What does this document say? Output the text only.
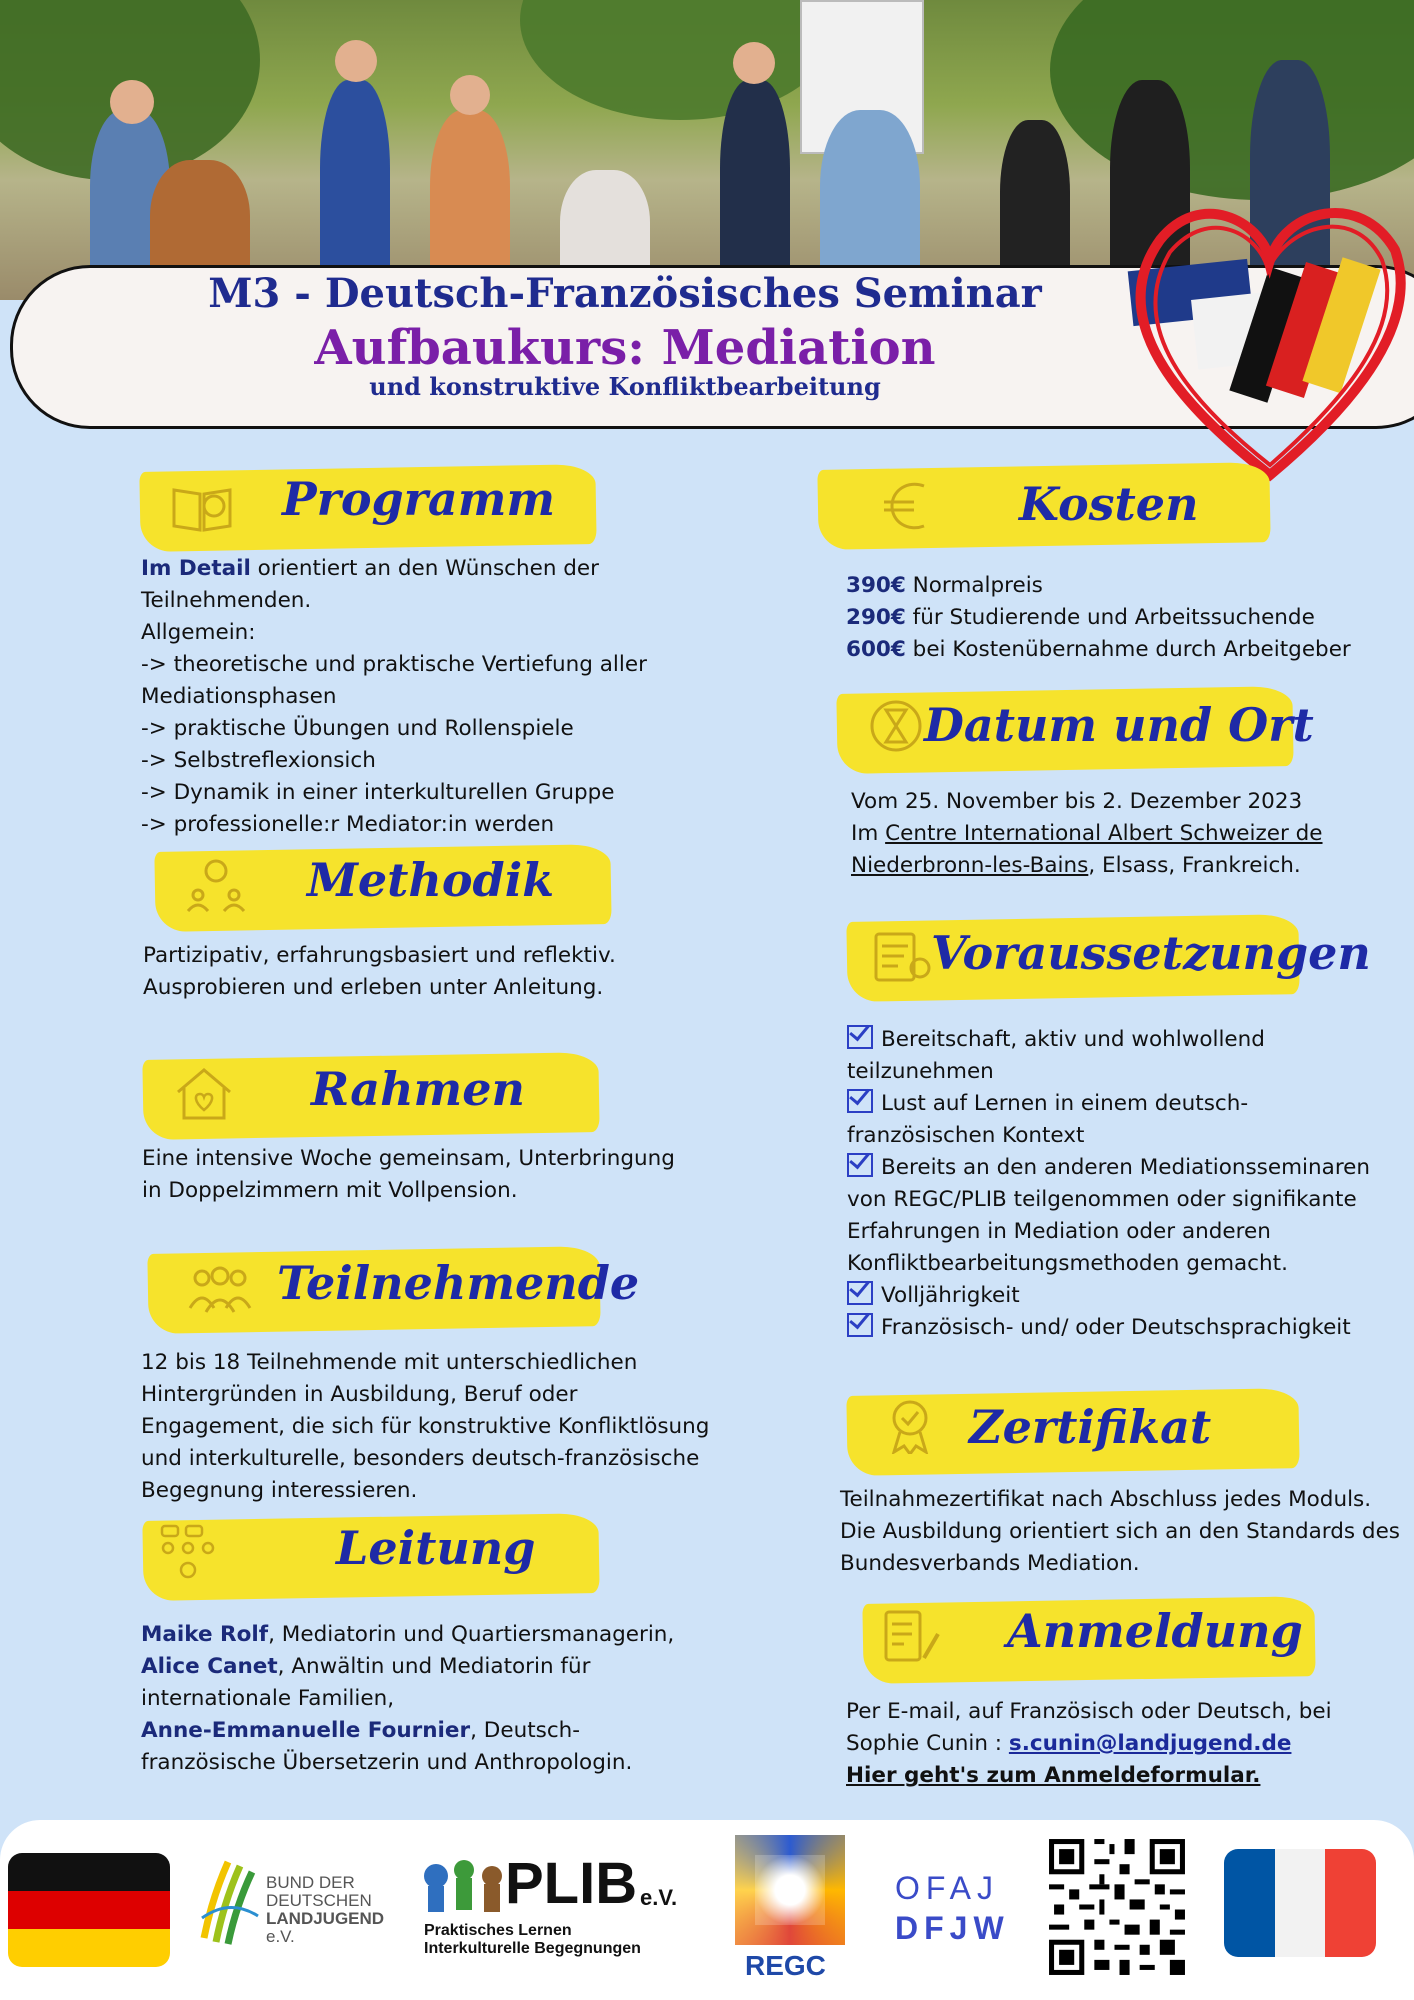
M3 - Deutsch-Französisches Seminar
Aufbaukurs: Mediation
und konstruktive Konfliktbearbeitung
Programm
Im Detail orientiert an den Wünschen der Teilnehmenden.
Allgemein:
-> theoretische und praktische Vertiefung aller Mediationsphasen
-> praktische Übungen und Rollenspiele
-> Selbstreflexionsich
-> Dynamik in einer interkulturellen Gruppe
-> professionelle:r Mediator:in werden
Methodik
Partizipativ, erfahrungsbasiert und reflektiv. Ausprobieren und erleben unter Anleitung.
Rahmen
Eine intensive Woche gemeinsam, Unterbringung in Doppelzimmern mit Vollpension.
Teilnehmende
12 bis 18 Teilnehmende mit unterschiedlichen Hintergründen in Ausbildung, Beruf oder Engagement, die sich für konstruktive Konfliktlösung und interkulturelle, besonders deutsch-französische Begegnung interessieren.
Leitung
Maike Rolf, Mediatorin und Quartiersmanagerin,
Alice Canet, Anwältin und Mediatorin für internationale Familien,
Anne-Emmanuelle Fournier, Deutsch-französische Übersetzerin und Anthropologin.
Kosten
390€ Normalpreis
290€ für Studierende und Arbeitssuchende
600€ bei Kostenübernahme durch Arbeitgeber
Datum und Ort
Vom 25. November bis 2. Dezember 2023
Im Centre International Albert Schweizer de Niederbronn-les-Bains, Elsass, Frankreich.
Voraussetzungen
Bereitschaft, aktiv und wohlwollend teilzunehmen
Lust auf Lernen in einem deutsch-französischen Kontext
Bereits an den anderen Mediationsseminaren von REGC/PLIB teilgenommen oder signifikante Erfahrungen in Mediation oder anderen Konfliktbearbeitungsmethoden gemacht.
Volljährigkeit
Französisch- und/ oder Deutschsprachigkeit
Zertifikat
Teilnahmezertifikat nach Abschluss jedes Moduls. Die Ausbildung orientiert sich an den Standards des Bundesverbands Mediation.
Anmeldung
Per E-mail, auf Französisch oder Deutsch, bei Sophie Cunin : s.cunin@landjugend.de
Hier geht's zum Anmeldeformular.
BUND DER
DEUTSCHEN
LANDJUGEND
e.V.
PLIB e.V.
Praktisches Lernen
Interkulturelle Begegnungen
REGC
OFAJ
DFJW
